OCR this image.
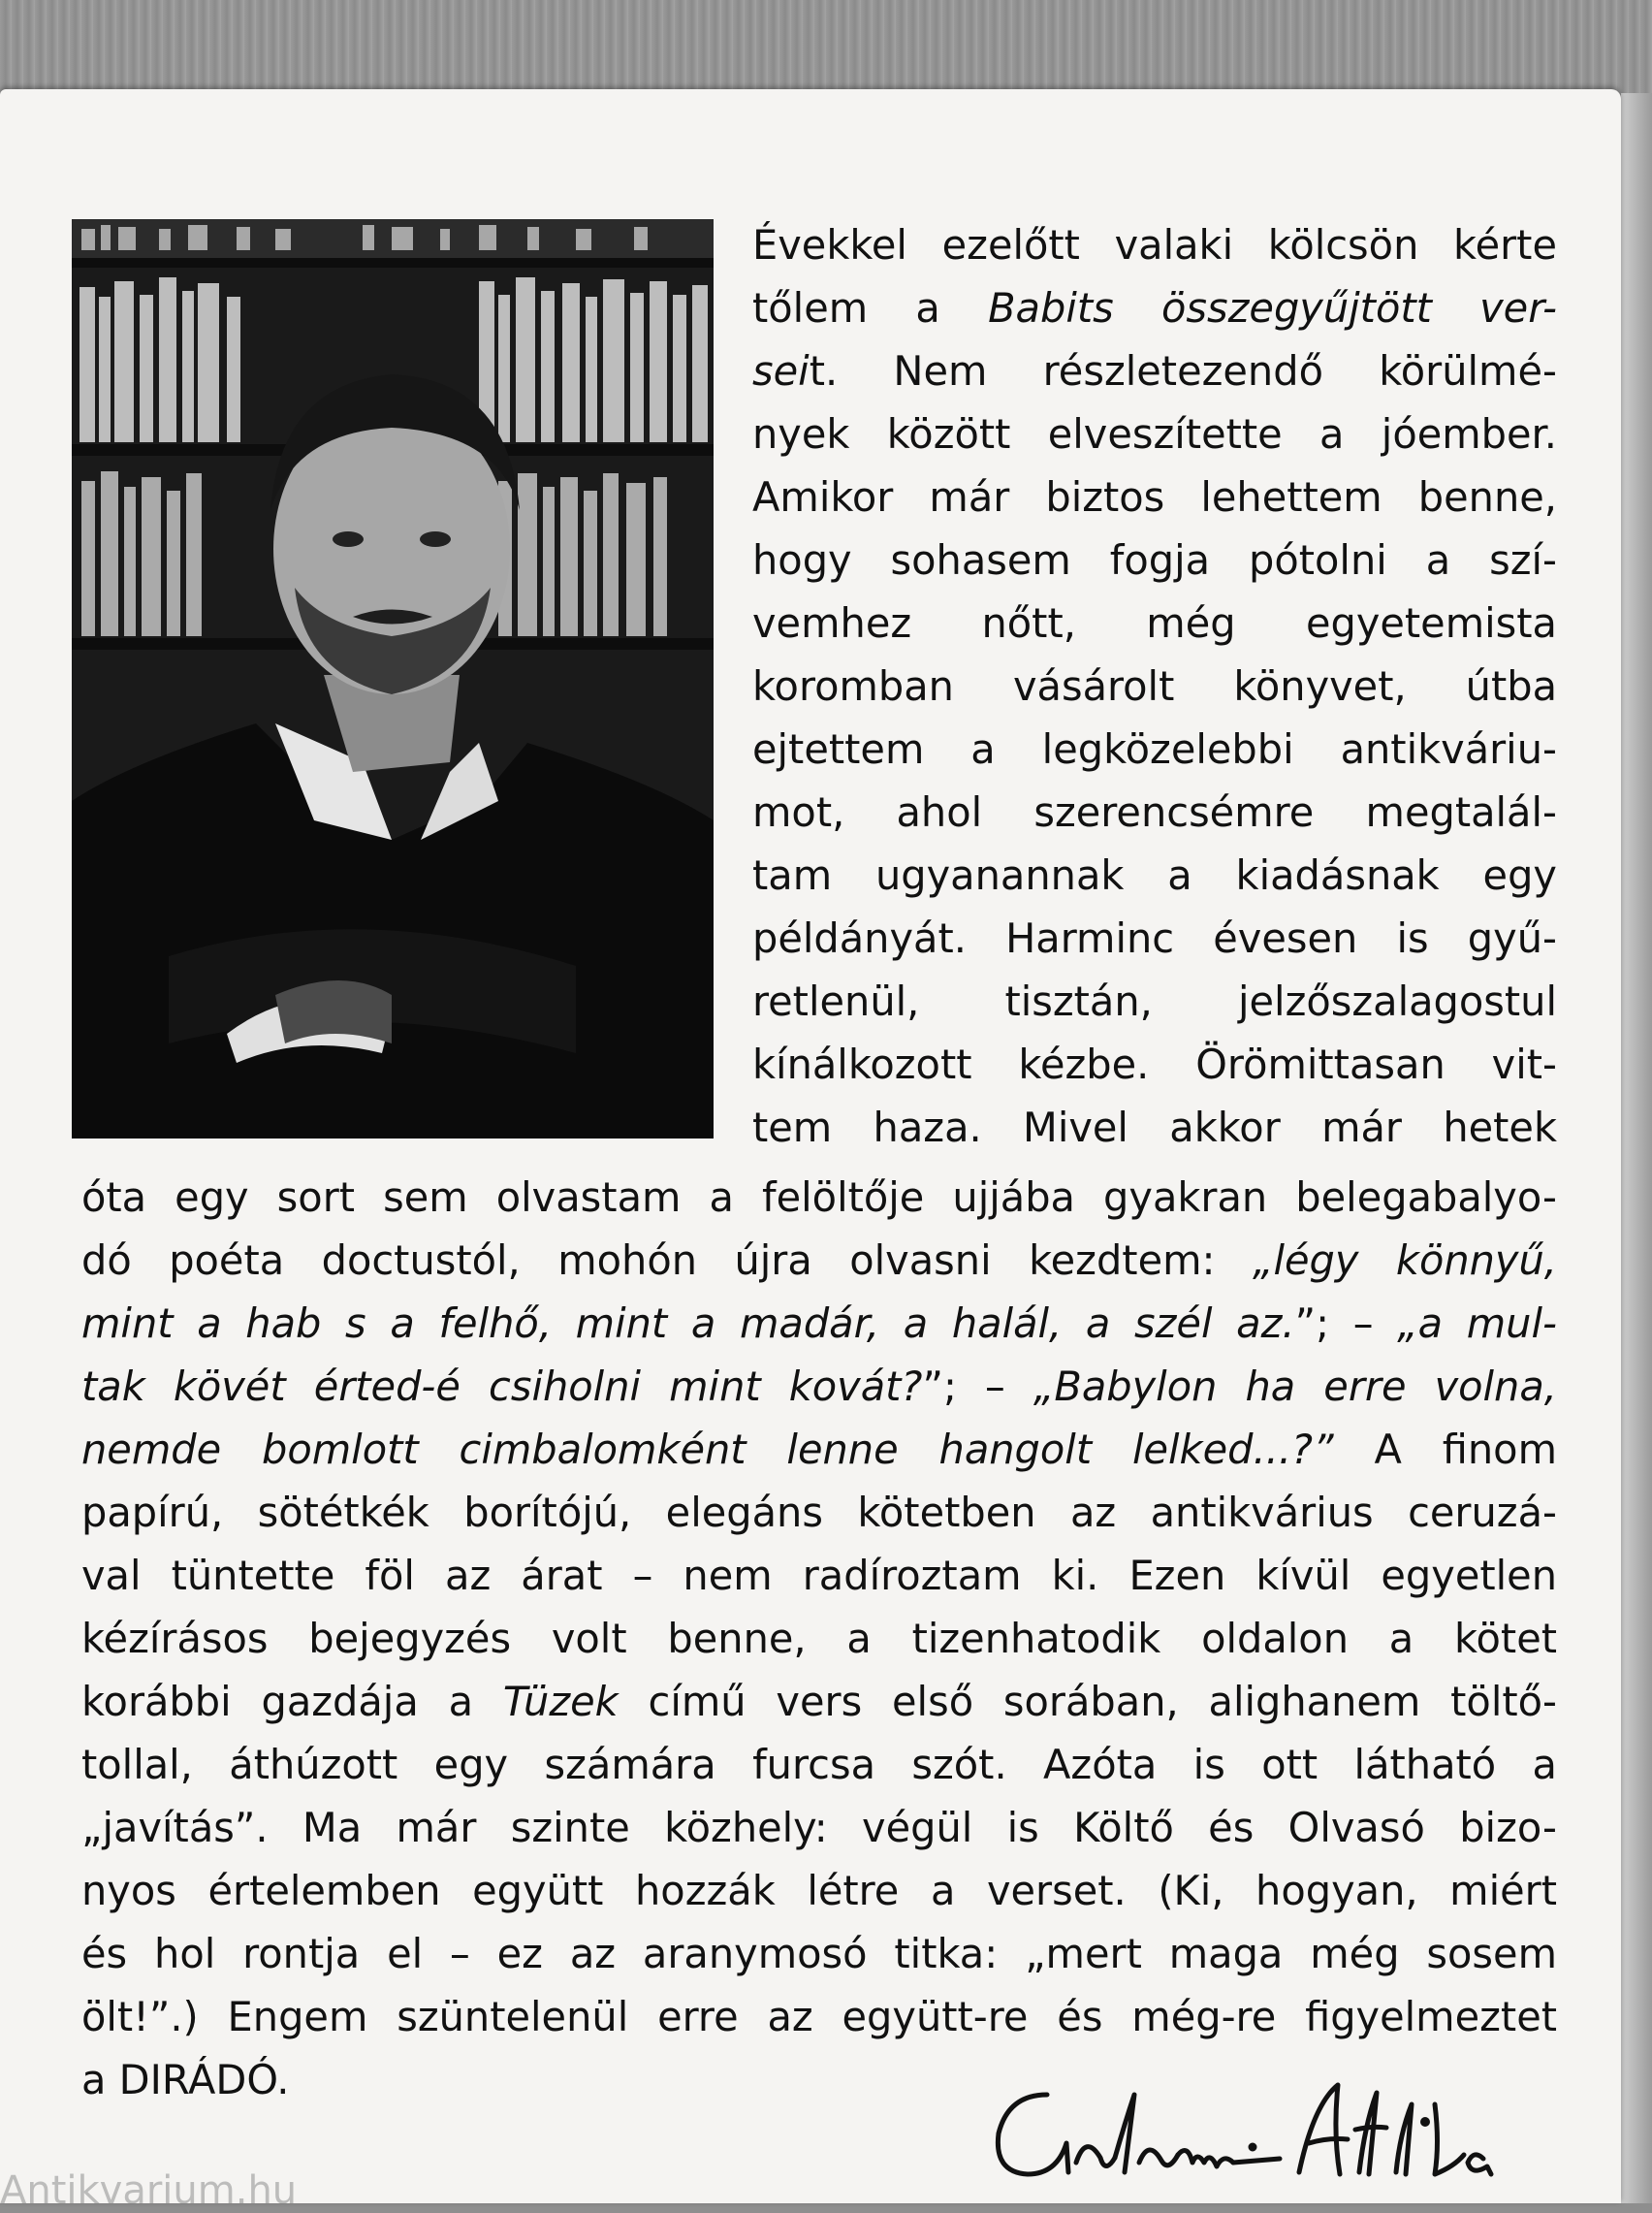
Évekkel ezelőtt valaki kölcsön kérte
tőlem a Babits összegyűjtött ver-
seit. Nem részletezendő körülmé-
nyek között elveszítette a jóember.
Amikor már biztos lehettem benne,
hogy sohasem fogja pótolni a szí-
vemhez nőtt, még egyetemista
koromban vásárolt könyvet, útba
ejtettem a legközelebbi antikváriu-
mot, ahol szerencsémre megtalál-
tam ugyanannak a kiadásnak egy
példányát. Harminc évesen is gyű-
retlenül, tisztán, jelzőszalagostul
kínálkozott kézbe. Örömittasan vit-
tem haza. Mivel akkor már hetek
óta egy sort sem olvastam a felöltője ujjába gyakran belegabalyo-
dó poéta doctustól, mohón újra olvasni kezdtem: „légy könnyű,
mint a hab s a felhő, mint a madár, a halál, a szél az.”; – „a mul-
tak kövét érted-é csiholni mint kovát?”; – „Babylon ha erre volna,
nemde bomlott cimbalomként lenne hangolt lelked...?” A finom
papírú, sötétkék borítójú, elegáns kötetben az antikvárius ceruzá-
val tüntette föl az árat – nem radíroztam ki. Ezen kívül egyetlen
kézírásos bejegyzés volt benne, a tizenhatodik oldalon a kötet
korábbi gazdája a Tüzek című vers első sorában, alighanem töltő-
tollal, áthúzott egy számára furcsa szót. Azóta is ott látható a
„javítás”. Ma már szinte közhely: végül is Költő és Olvasó bizo-
nyos értelemben együtt hozzák létre a verset. (Ki, hogyan, miért
és hol rontja el – ez az aranymosó titka: „mert maga még sosem
ölt!”.) Engem szüntelenül erre az együtt-re és még-re figyelmeztet
a DIRÁDÓ.
Antikvarium.hu
